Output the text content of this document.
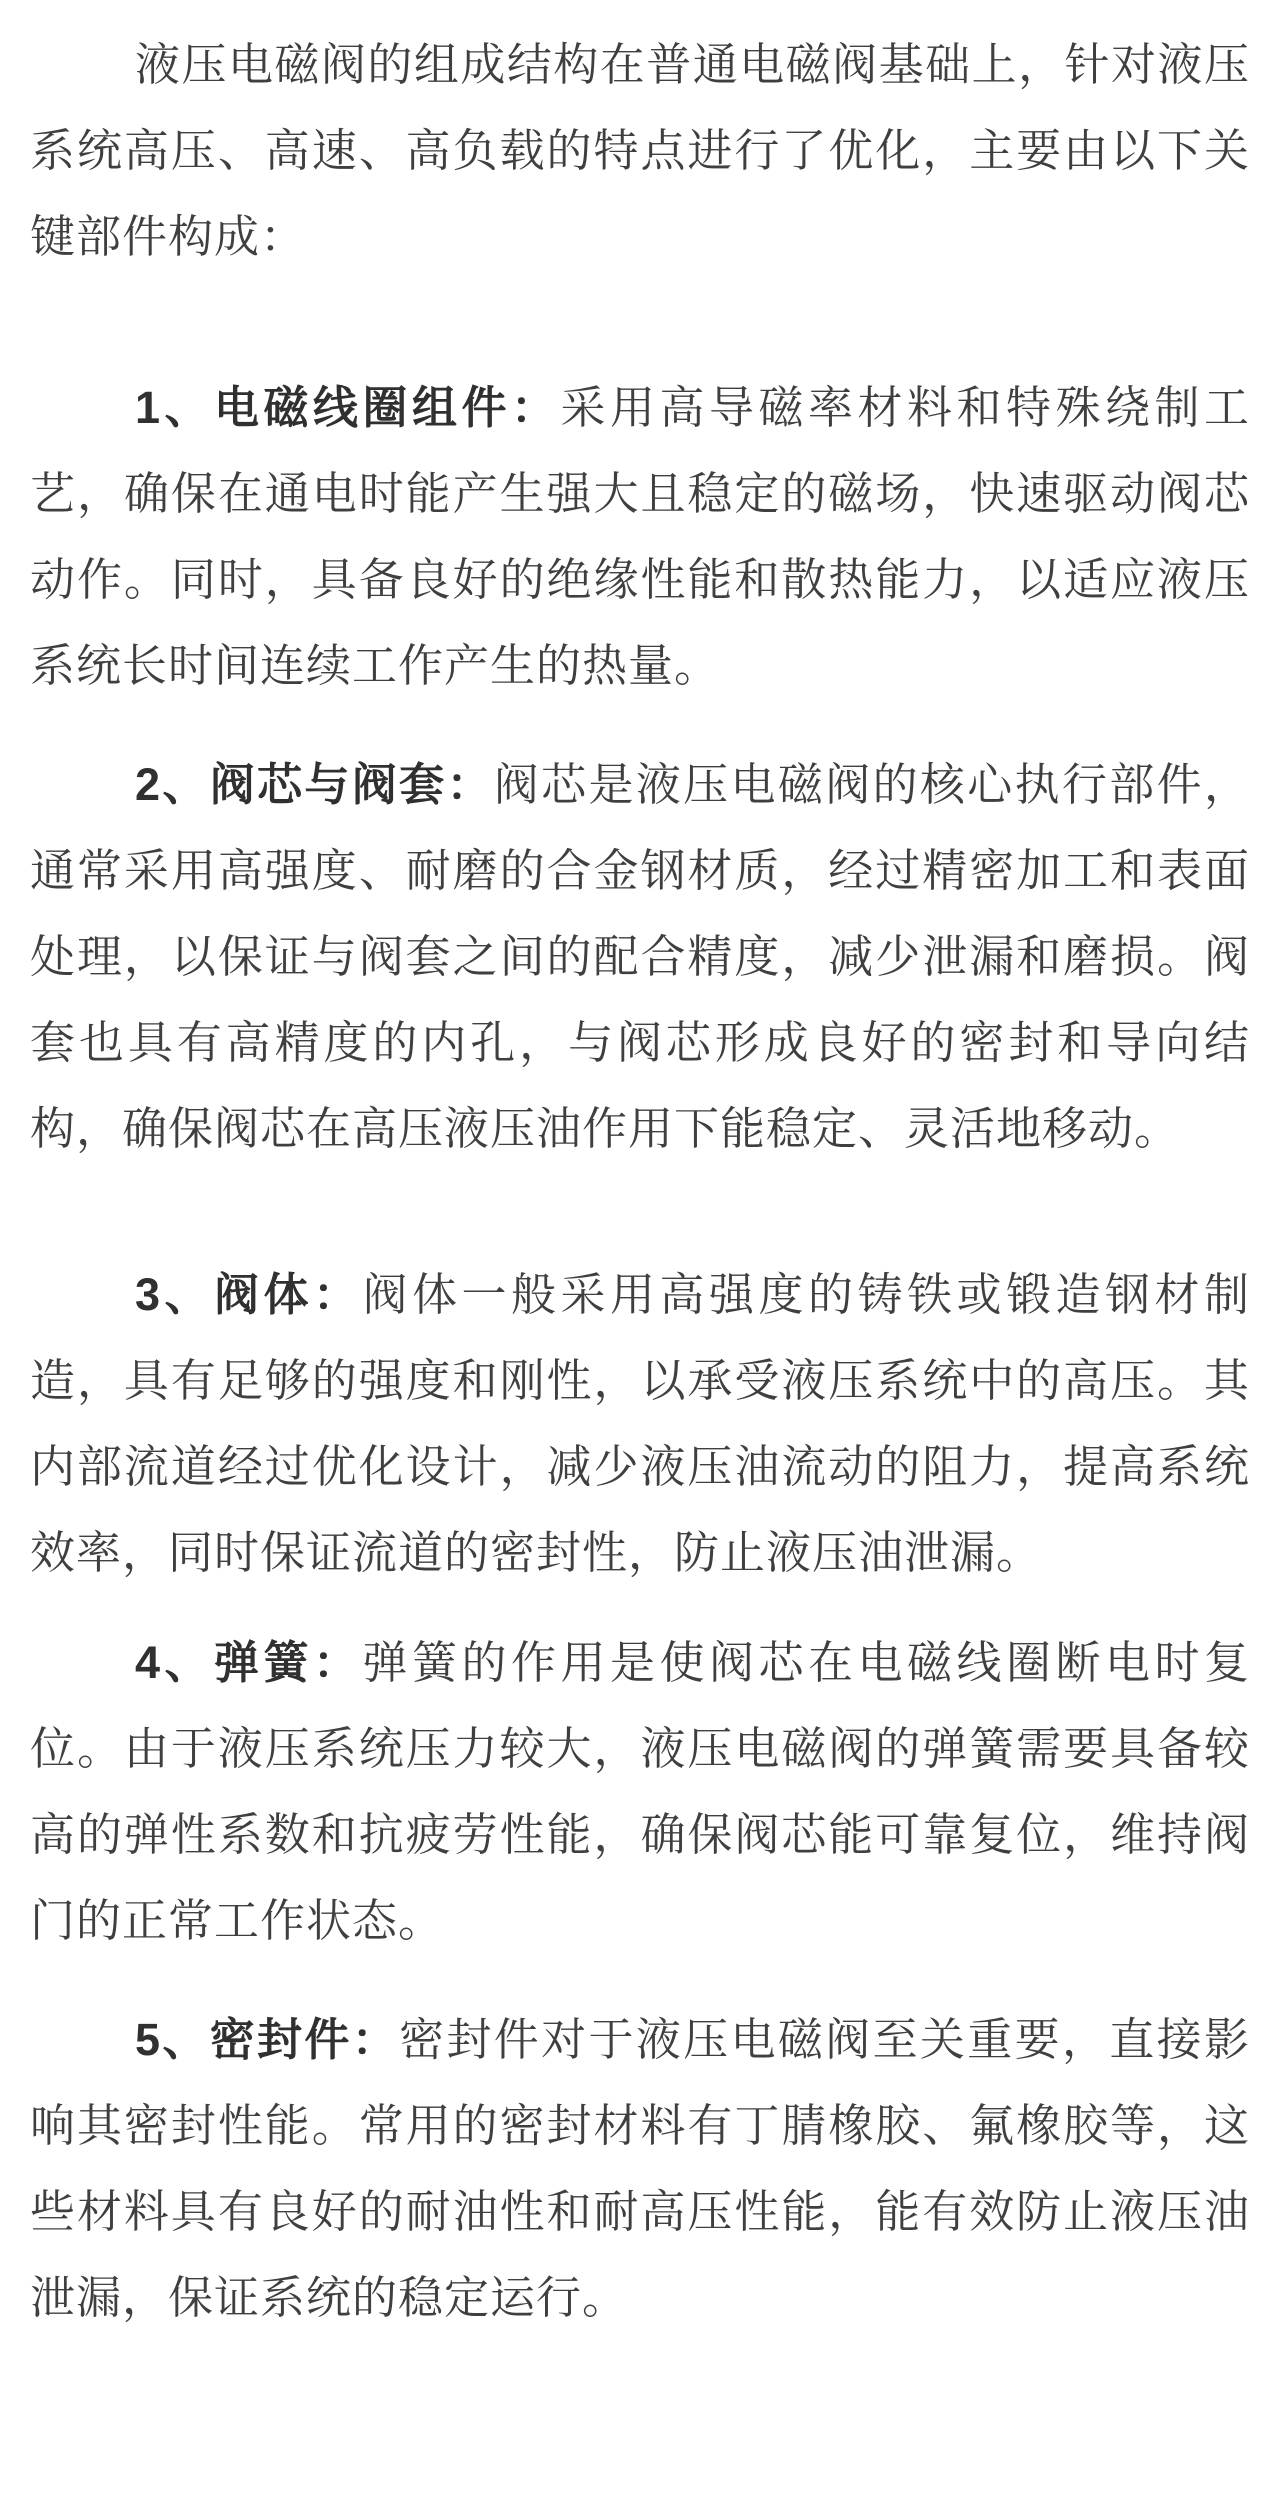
液压电磁阀的组成结构在普通电磁阀基础上，针对液压系统高压、高速、高负载的特点进行了优化，主要由以下关键部件构成：

1、电磁线圈组件：采用高导磁率材料和特殊绕制工艺，确保在通电时能产生强大且稳定的磁场，快速驱动阀芯动作。同时，具备良好的绝缘性能和散热能力，以适应液压系统长时间连续工作产生的热量。

2、阀芯与阀套：阀芯是液压电磁阀的核心执行部件，通常采用高强度、耐磨的合金钢材质，经过精密加工和表面处理，以保证与阀套之间的配合精度，减少泄漏和磨损。阀套也具有高精度的内孔，与阀芯形成良好的密封和导向结构，确保阀芯在高压液压油作用下能稳定、灵活地移动。

3、阀体：阀体一般采用高强度的铸铁或锻造钢材制造，具有足够的强度和刚性，以承受液压系统中的高压。其内部流道经过优化设计，减少液压油流动的阻力，提高系统效率，同时保证流道的密封性，防止液压油泄漏。

4、弹簧：弹簧的作用是使阀芯在电磁线圈断电时复位。由于液压系统压力较大，液压电磁阀的弹簧需要具备较高的弹性系数和抗疲劳性能，确保阀芯能可靠复位，维持阀门的正常工作状态。

5、密封件：密封件对于液压电磁阀至关重要，直接影响其密封性能。常用的密封材料有丁腈橡胶、氟橡胶等，这些材料具有良好的耐油性和耐高压性能，能有效防止液压油泄漏，保证系统的稳定运行。
